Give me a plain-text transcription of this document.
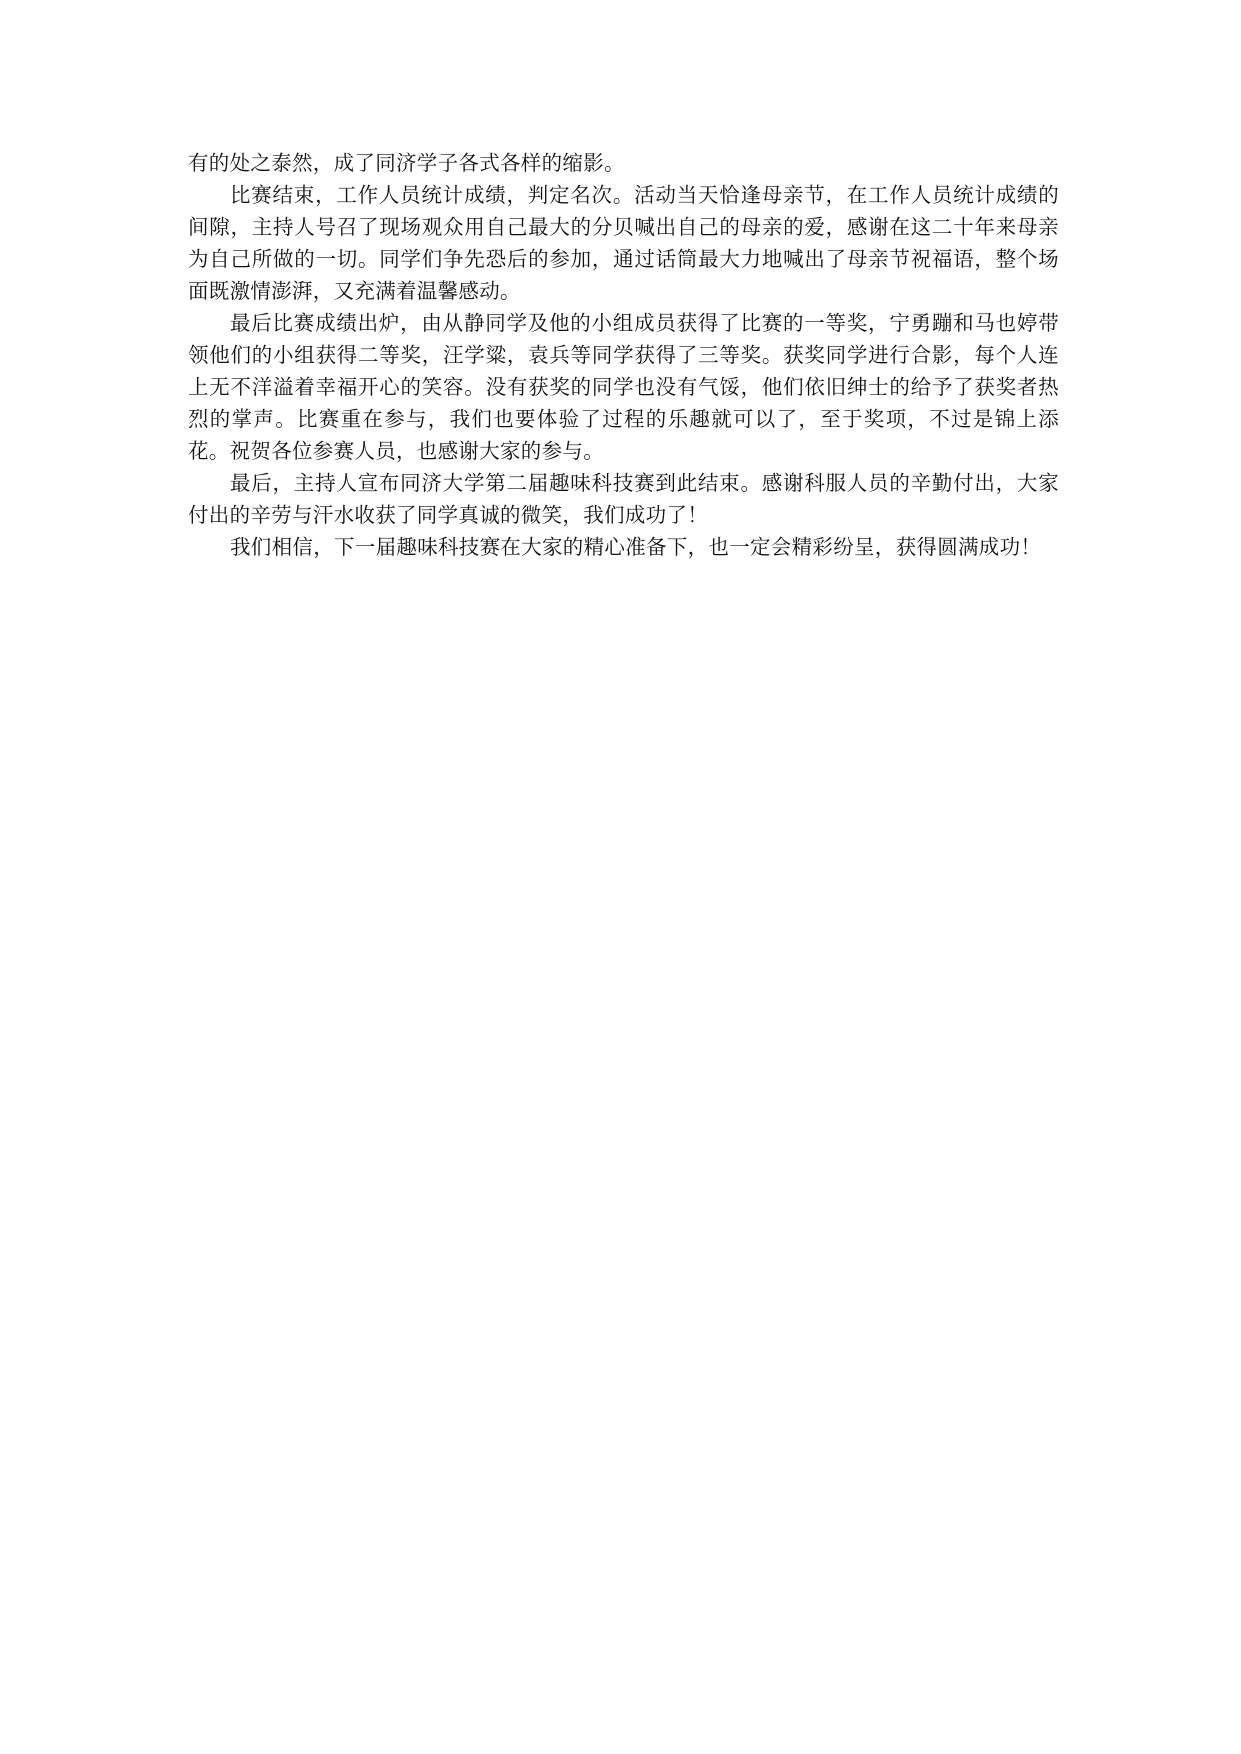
有的处之泰然，成了同济学子各式各样的缩影。

比赛结束，工作人员统计成绩，判定名次。活动当天恰逢母亲节，在工作人员统计成绩的间隙，主持人号召了现场观众用自己最大的分贝喊出自己的母亲的爱，感谢在这二十年来母亲为自己所做的一切。同学们争先恐后的参加，通过话筒最大力地喊出了母亲节祝福语，整个场面既激情澎湃，又充满着温馨感动。

最后比赛成绩出炉，由从静同学及他的小组成员获得了比赛的一等奖，宁勇蹦和马也婷带领他们的小组获得二等奖，汪学粱，袁兵等同学获得了三等奖。获奖同学进行合影，每个人连上无不洋溢着幸福开心的笑容。没有获奖的同学也没有气馁，他们依旧绅士的给予了获奖者热烈的掌声。比赛重在参与，我们也要体验了过程的乐趣就可以了，至于奖项，不过是锦上添花。祝贺各位参赛人员，也感谢大家的参与。

最后，主持人宣布同济大学第二届趣味科技赛到此结束。感谢科服人员的辛勤付出，大家付出的辛劳与汗水收获了同学真诚的微笑，我们成功了！

我们相信，下一届趣味科技赛在大家的精心准备下，也一定会精彩纷呈，获得圆满成功！
